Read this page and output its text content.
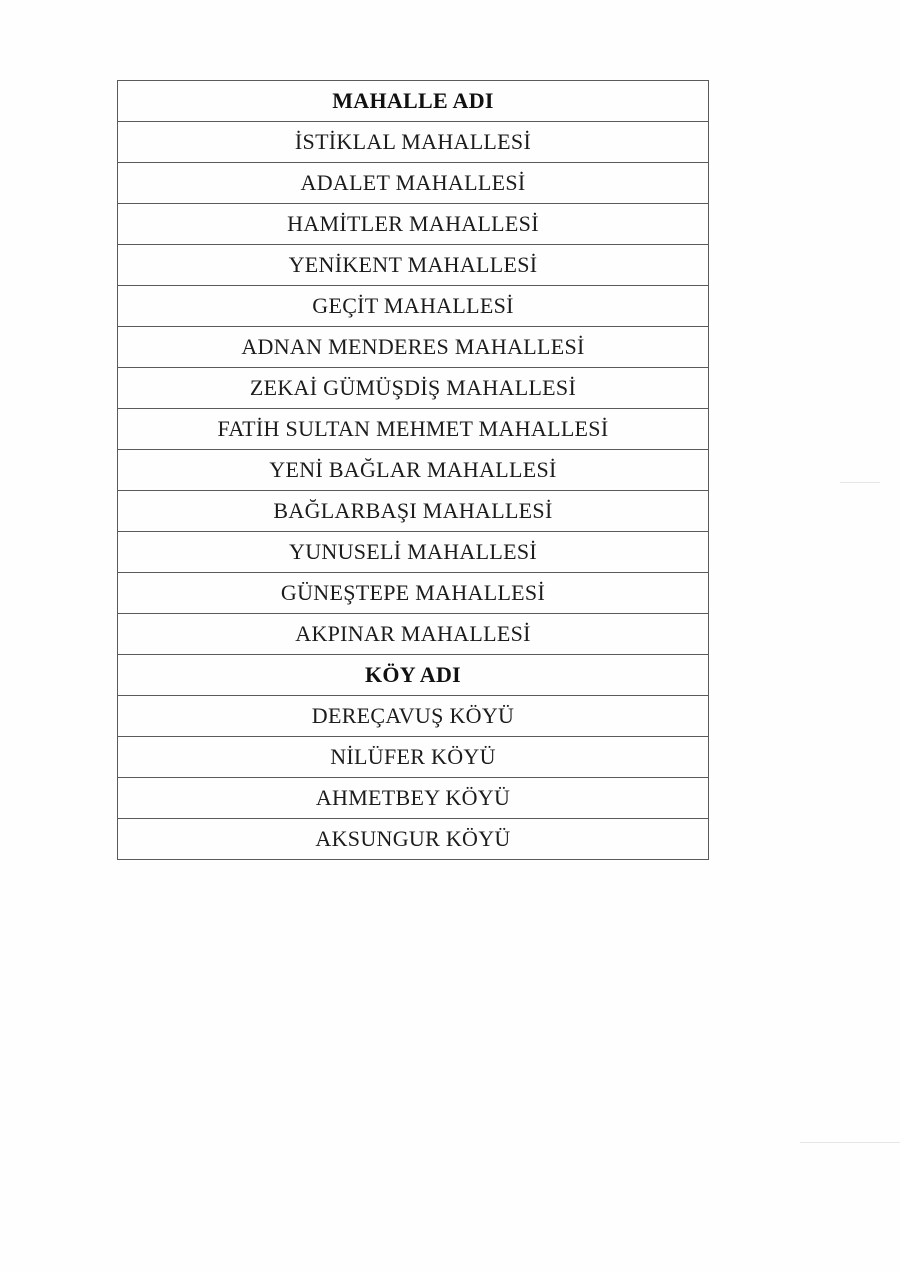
MAHALLE ADI
İSTİKLAL MAHALLESİ
ADALET MAHALLESİ
HAMİTLER MAHALLESİ
YENİKENT MAHALLESİ
GEÇİT MAHALLESİ
ADNAN MENDERES MAHALLESİ
ZEKAİ GÜMÜŞDİŞ MAHALLESİ
FATİH SULTAN MEHMET MAHALLESİ
YENİ BAĞLAR MAHALLESİ
BAĞLARBAŞI MAHALLESİ
YUNUSELİ MAHALLESİ
GÜNEŞTEPE MAHALLESİ
AKPINAR MAHALLESİ
KÖY ADI
DEREÇAVUŞ KÖYÜ
NİLÜFER KÖYÜ
AHMETBEY KÖYÜ
AKSUNGUR KÖYÜ
